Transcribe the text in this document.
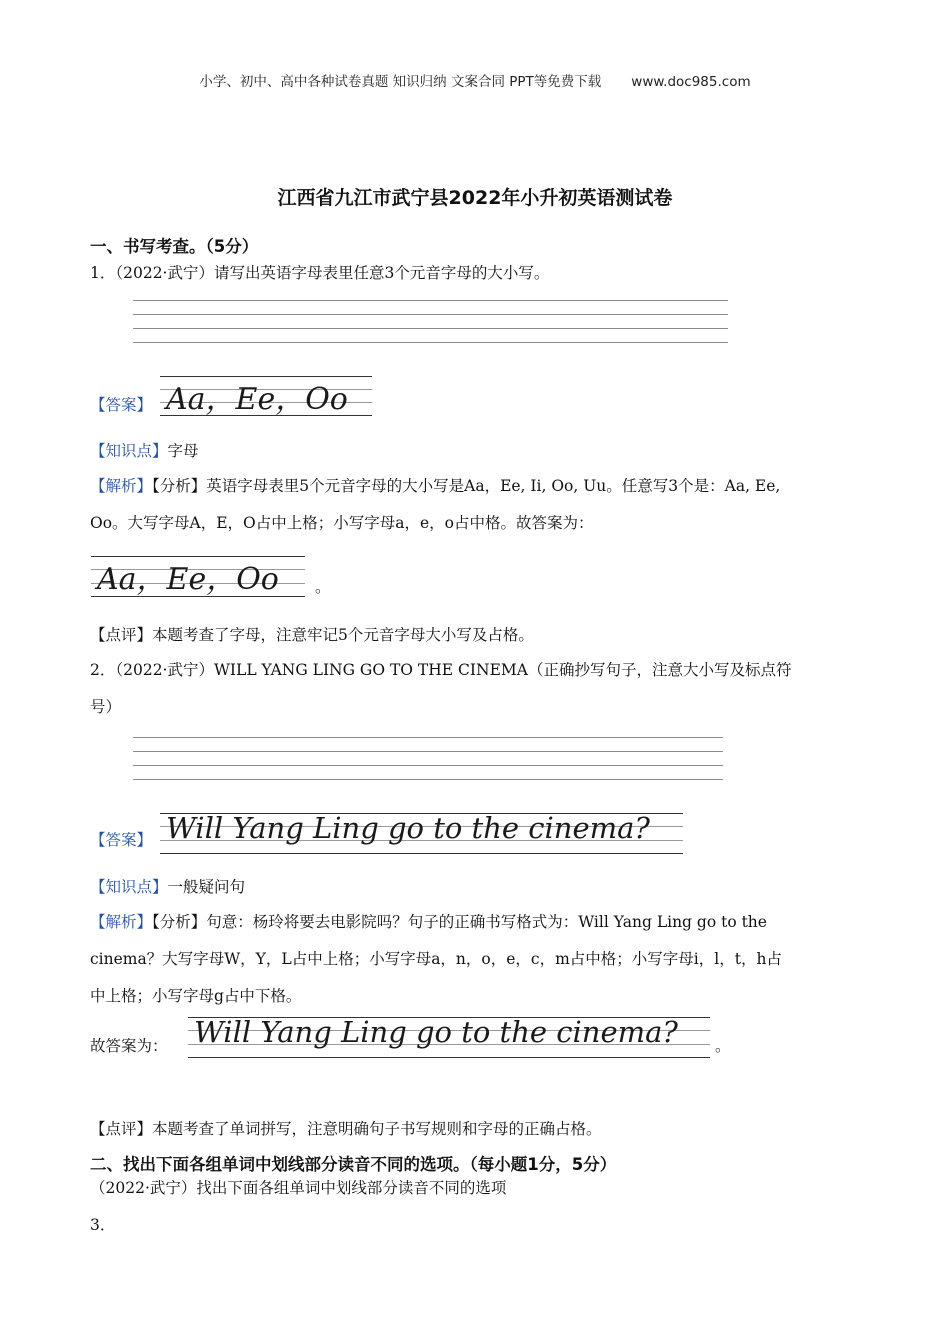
小学、初中、高中各种试卷真题 知识归纳 文案合同 PPT等免费下载 www.doc985.com
江西省九江市武宁县2022年小升初英语测试卷
一、书写考查。（5分）
1．（2022·武宁）请写出英语字母表里任意3个元音字母的大小写。
【答案】 Aa，Ee，Oo
【知识点】字母
【解析】【分析】英语字母表里5个元音字母的大小写是Aa，Ee, Ii, Oo, Uu。任意写3个是：Aa, Ee,
Oo。大写字母A，E，O占中上格；小写字母a，e，o占中格。故答案为：
Aa，Ee，Oo 。
【点评】本题考查了字母，注意牢记5个元音字母大小写及占格。
2．（2022·武宁）WILL YANG LING GO TO THE CINEMA（正确抄写句子，注意大小写及标点符
号）
【答案】 Will Yang Ling go to the cinema?
【知识点】一般疑问句
【解析】【分析】句意：杨玲将要去电影院吗？句子的正确书写格式为：Will Yang Ling go to the
cinema？大写字母W，Y，L占中上格；小写字母a，n，o，e，c，m占中格；小写字母i，l，t，h占
中上格；小写字母g占中下格。
故答案为： Will Yang Ling go to the cinema? 。
【点评】本题考查了单词拼写，注意明确句子书写规则和字母的正确占格。
二、找出下面各组单词中划线部分读音不同的选项。（每小题1分，5分）
（2022·武宁）找出下面各组单词中划线部分读音不同的选项
3．
